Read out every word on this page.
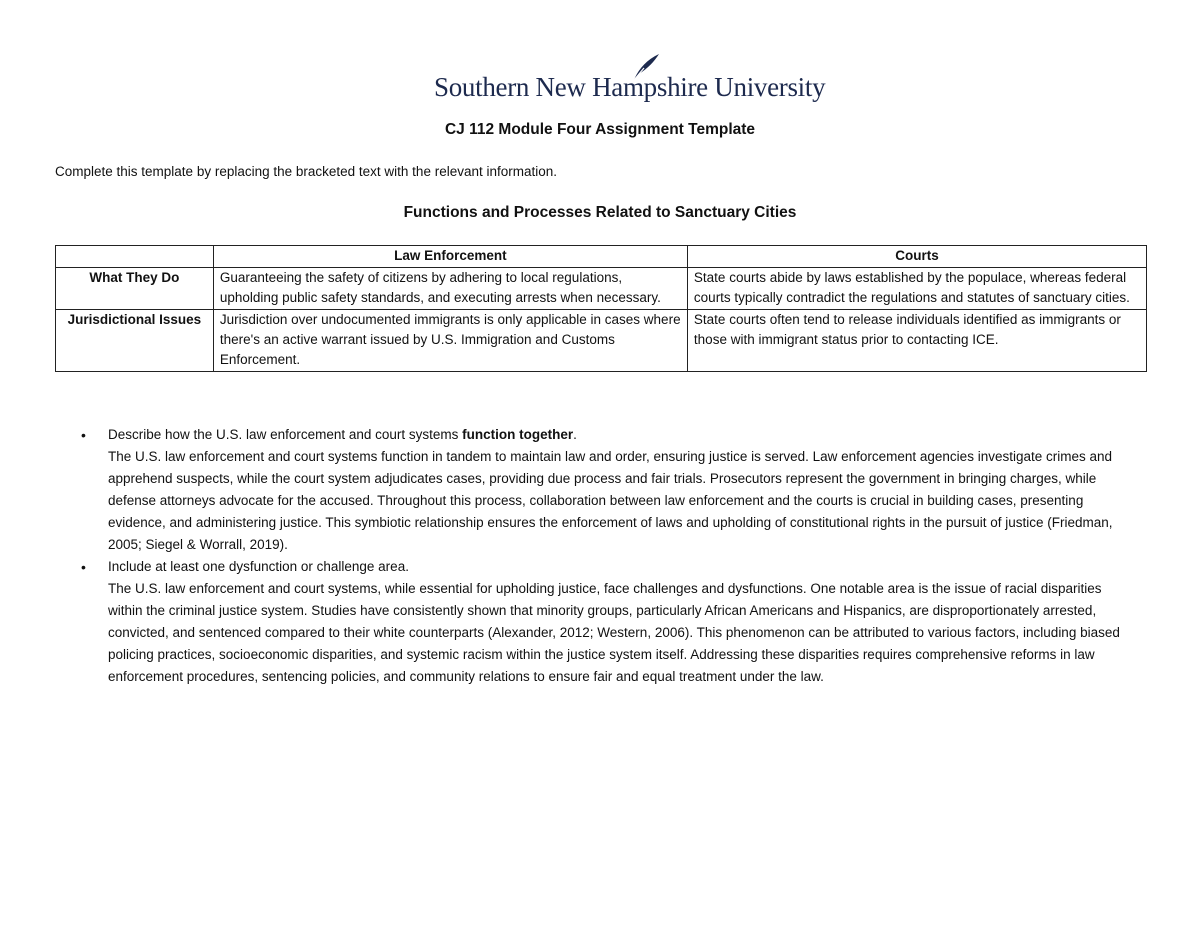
Southern New Hampshire University
CJ 112 Module Four Assignment Template
Complete this template by replacing the bracketed text with the relevant information.
Functions and Processes Related to Sanctuary Cities
	Law Enforcement	Courts
What They Do	Guaranteeing the safety of citizens by adhering to local regulations, upholding public safety standards, and executing arrests when necessary.	State courts abide by laws established by the populace, whereas federal courts typically contradict the regulations and statutes of sanctuary cities.
Jurisdictional Issues	Jurisdiction over undocumented immigrants is only applicable in cases where there's an active warrant issued by U.S. Immigration and Customs Enforcement.	State courts often tend to release individuals identified as immigrants or those with immigrant status prior to contacting ICE.
• Describe how the U.S. law enforcement and court systems function together.
The U.S. law enforcement and court systems function in tandem to maintain law and order, ensuring justice is served. Law enforcement agencies investigate crimes and apprehend suspects, while the court system adjudicates cases, providing due process and fair trials. Prosecutors represent the government in bringing charges, while defense attorneys advocate for the accused. Throughout this process, collaboration between law enforcement and the courts is crucial in building cases, presenting evidence, and administering justice. This symbiotic relationship ensures the enforcement of laws and upholding of constitutional rights in the pursuit of justice (Friedman, 2005; Siegel & Worrall, 2019).
• Include at least one dysfunction or challenge area.
The U.S. law enforcement and court systems, while essential for upholding justice, face challenges and dysfunctions. One notable area is the issue of racial disparities within the criminal justice system. Studies have consistently shown that minority groups, particularly African Americans and Hispanics, are disproportionately arrested, convicted, and sentenced compared to their white counterparts (Alexander, 2012; Western, 2006). This phenomenon can be attributed to various factors, including biased policing practices, socioeconomic disparities, and systemic racism within the justice system itself. Addressing these disparities requires comprehensive reforms in law enforcement procedures, sentencing policies, and community relations to ensure fair and equal treatment under the law.
